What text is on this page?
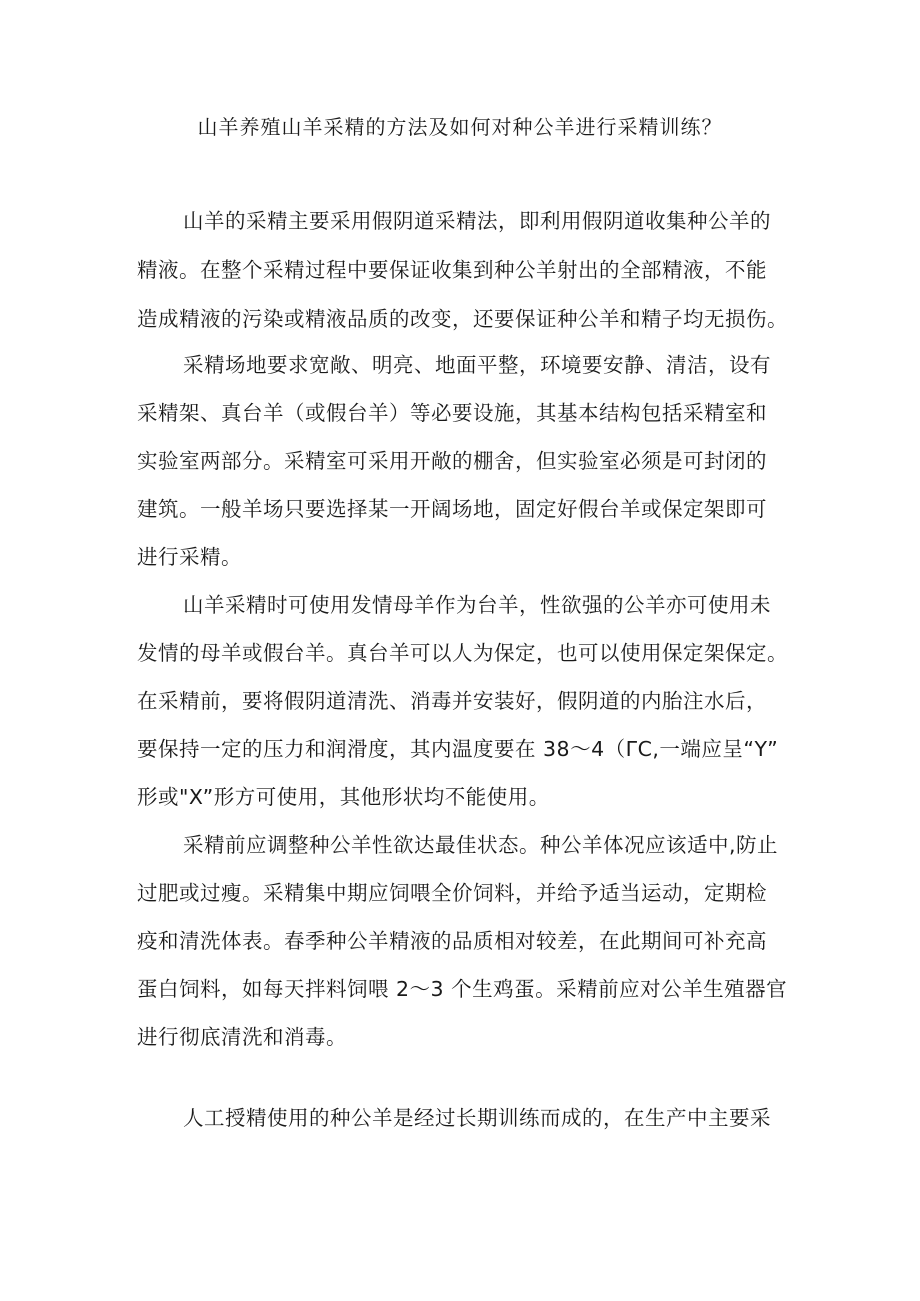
山羊养殖山羊采精的方法及如何对种公羊进行采精训练？
山羊的采精主要采用假阴道采精法，即利用假阴道收集种公羊的
精液。在整个采精过程中要保证收集到种公羊射出的全部精液，不能
造成精液的污染或精液品质的改变，还要保证种公羊和精子均无损伤。
采精场地要求宽敞、明亮、地面平整，环境要安静、清洁，设有
采精架、真台羊（或假台羊）等必要设施，其基本结构包括采精室和
实验室两部分。采精室可采用开敞的棚舍，但实验室必须是可封闭的
建筑。一般羊场只要选择某一开阔场地，固定好假台羊或保定架即可
进行采精。
山羊采精时可使用发情母羊作为台羊，性欲强的公羊亦可使用未
发情的母羊或假台羊。真台羊可以人为保定，也可以使用保定架保定。
在采精前，要将假阴道清洗、消毒并安装好，假阴道的内胎注水后，
要保持一定的压力和润滑度，其内温度要在 38～4（ΓC,一端应呈“Y”
形或"X”形方可使用，其他形状均不能使用。
采精前应调整种公羊性欲达最佳状态。种公羊体况应该适中,防止
过肥或过瘦。采精集中期应饲喂全价饲料，并给予适当运动，定期检
疫和清洗体表。春季种公羊精液的品质相对较差，在此期间可补充高
蛋白饲料，如每天拌料饲喂 2～3 个生鸡蛋。采精前应对公羊生殖器官
进行彻底清洗和消毒。
人工授精使用的种公羊是经过长期训练而成的，在生产中主要采
